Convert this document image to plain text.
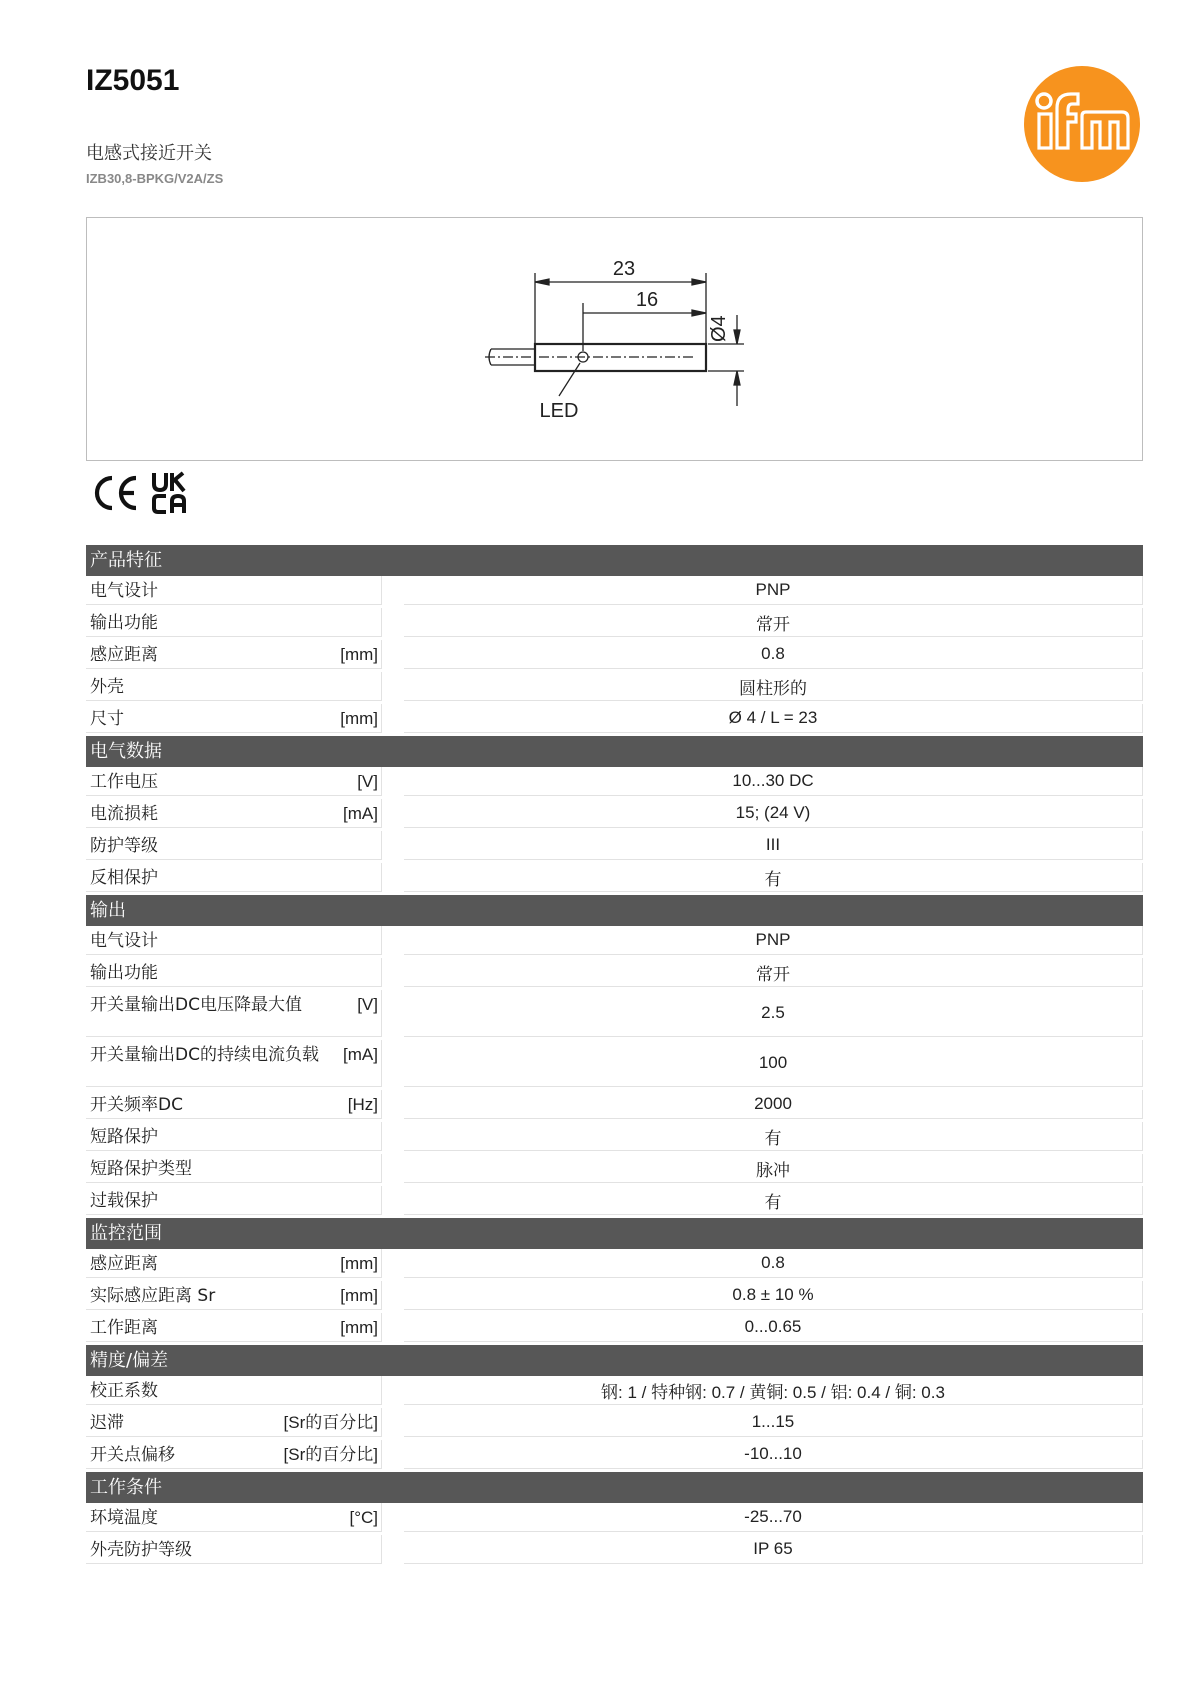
IZ5051
电感式接近开关
IZB30,8-BPKG/V2A/ZS
23
16
Ø4
LED
产品特征
电气设计	PNP
输出功能	常开
感应距离	[mm]	0.8
外壳	圆柱形的
尺寸	[mm]	Ø 4 / L = 23
电气数据
工作电压	[V]	10...30 DC
电流损耗	[mA]	15; (24 V)
防护等级	III
反相保护	有
输出
电气设计	PNP
输出功能	常开
开关量输出DC电压降最大值	[V]	2.5
开关量输出DC的持续电流负载	[mA]	100
开关频率DC	[Hz]	2000
短路保护	有
短路保护类型	脉冲
过载保护	有
监控范围
感应距离	[mm]	0.8
实际感应距离 Sr	[mm]	0.8 ± 10 %
工作距离	[mm]	0...0.65
精度/偏差
校正系数	钢: 1 / 特种钢: 0.7 / 黄铜: 0.5 / 铝: 0.4 / 铜: 0.3
迟滞	[Sr的百分比]	1...15
开关点偏移	[Sr的百分比]	-10...10
工作条件
环境温度	[°C]	-25...70
外壳防护等级	IP 65
